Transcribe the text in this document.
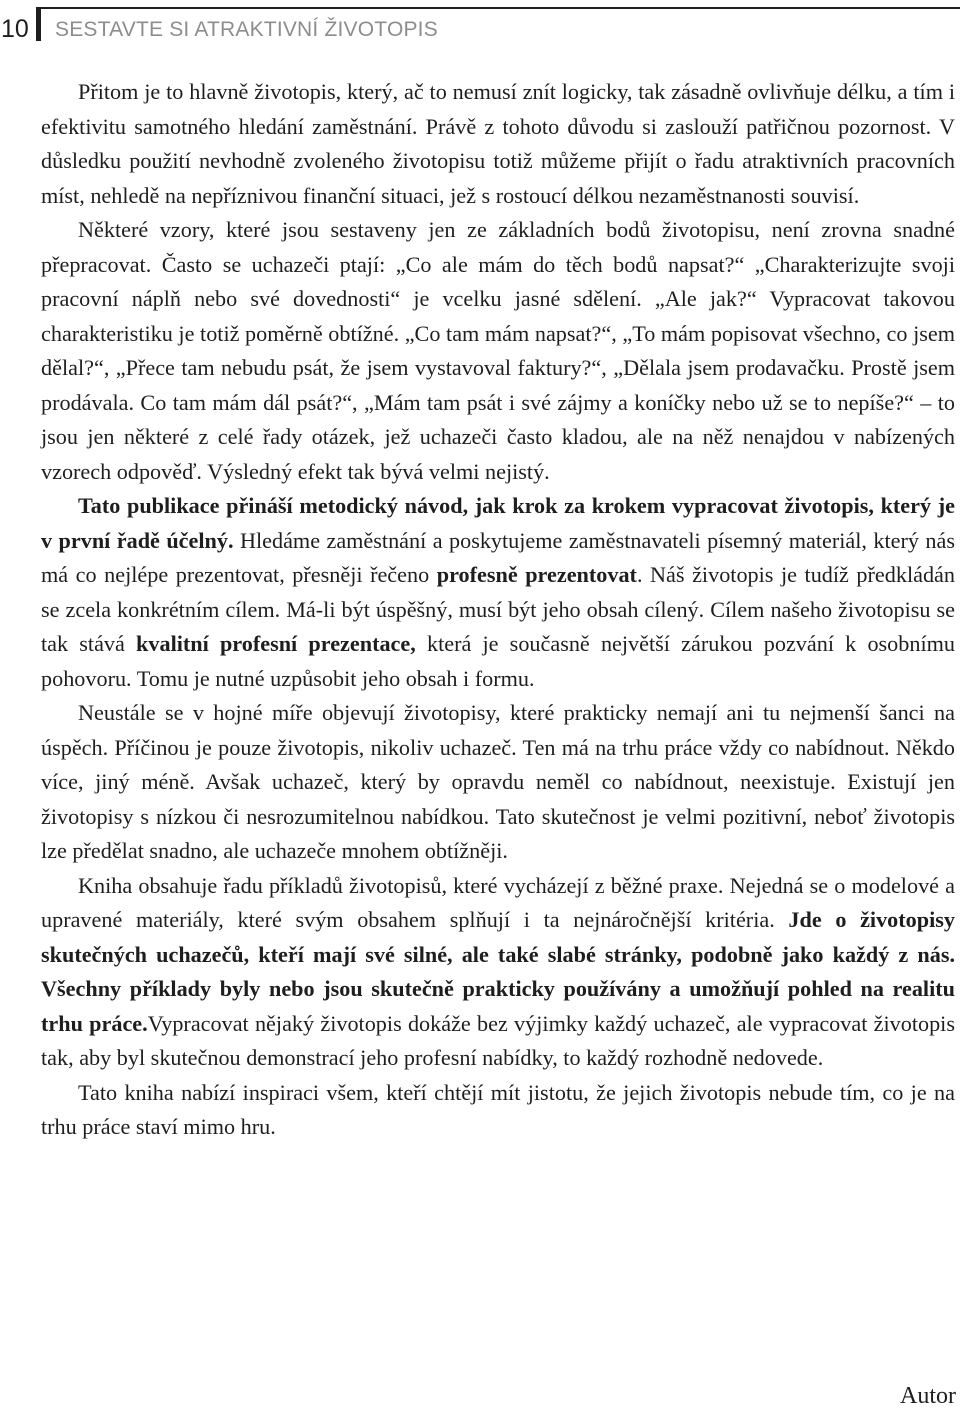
10 SESTAVTE SI ATRAKTIVNÍ ŽIVOTOPIS

Přitom je to hlavně životopis, který, ač to nemusí znít logicky, tak zásadně ovlivňuje délku, a tím i efektivitu samotného hledání zaměstnání. Právě z tohoto důvodu si zaslouží patřičnou pozornost. V důsledku použití nevhodně zvoleného životopisu totiž můžeme přijít o řadu atraktivních pracovních míst, nehledě na nepříznivou finanční situaci, jež s rostoucí délkou nezaměstnanosti souvisí.

Některé vzory, které jsou sestaveny jen ze základních bodů životopisu, není zrovna snadné přepracovat. Často se uchazeči ptají: „Co ale mám do těch bodů napsat?“ „Charakterizujte svoji pracovní náplň nebo své dovednosti“ je vcelku jasné sdělení. „Ale jak?“ Vypracovat takovou charakteristiku je totiž poměrně obtížné. „Co tam mám napsat?“, „To mám popisovat všechno, co jsem dělal?“, „Přece tam nebudu psát, že jsem vystavoval faktury?“, „Dělala jsem prodavačku. Prostě jsem prodávala. Co tam mám dál psát?“, „Mám tam psát i své zájmy a koníčky nebo už se to nepíše?“ – to jsou jen některé z celé řady otázek, jež uchazeči často kladou, ale na něž nenajdou v nabízených vzorech odpověď. Výsledný efekt tak bývá velmi nejistý.

Tato publikace přináší metodický návod, jak krok za krokem vypracovat životopis, který je v první řadě účelný. Hledáme zaměstnání a poskytujeme zaměstnavateli písemný materiál, který nás má co nejlépe prezentovat, přesněji řečeno profesně prezentovat. Náš životopis je tudíž předkládán se zcela konkrétním cílem. Má-li být úspěšný, musí být jeho obsah cílený. Cílem našeho životopisu se tak stává kvalitní profesní prezentace, která je současně největší zárukou pozvání k osobnímu pohovoru. Tomu je nutné uzpůsobit jeho obsah i formu.

Neustále se v hojné míře objevují životopisy, které prakticky nemají ani tu nejmenší šanci na úspěch. Příčinou je pouze životopis, nikoliv uchazeč. Ten má na trhu práce vždy co nabídnout. Někdo více, jiný méně. Avšak uchazeč, který by opravdu neměl co nabídnout, neexistuje. Existují jen životopisy s nízkou či nesrozumitelnou nabídkou. Tato skutečnost je velmi pozitivní, neboť životopis lze předělat snadno, ale uchazeče mnohem obtížněji.

Kniha obsahuje řadu příkladů životopisů, které vycházejí z běžné praxe. Nejedná se o modelové a upravené materiály, které svým obsahem splňují i ta nejnáročnější kritéria. Jde o životopisy skutečných uchazečů, kteří mají své silné, ale také slabé stránky, podobně jako každý z nás. Všechny příklady byly nebo jsou skutečně prakticky používány a umožňují pohled na realitu trhu práce.Vypracovat nějaký životopis dokáže bez výjimky každý uchazeč, ale vypracovat životopis tak, aby byl skutečnou demonstrací jeho profesní nabídky, to každý rozhodně nedovede.

Tato kniha nabízí inspiraci všem, kteří chtějí mít jistotu, že jejich životopis nebude tím, co je na trhu práce staví mimo hru.

Autor
